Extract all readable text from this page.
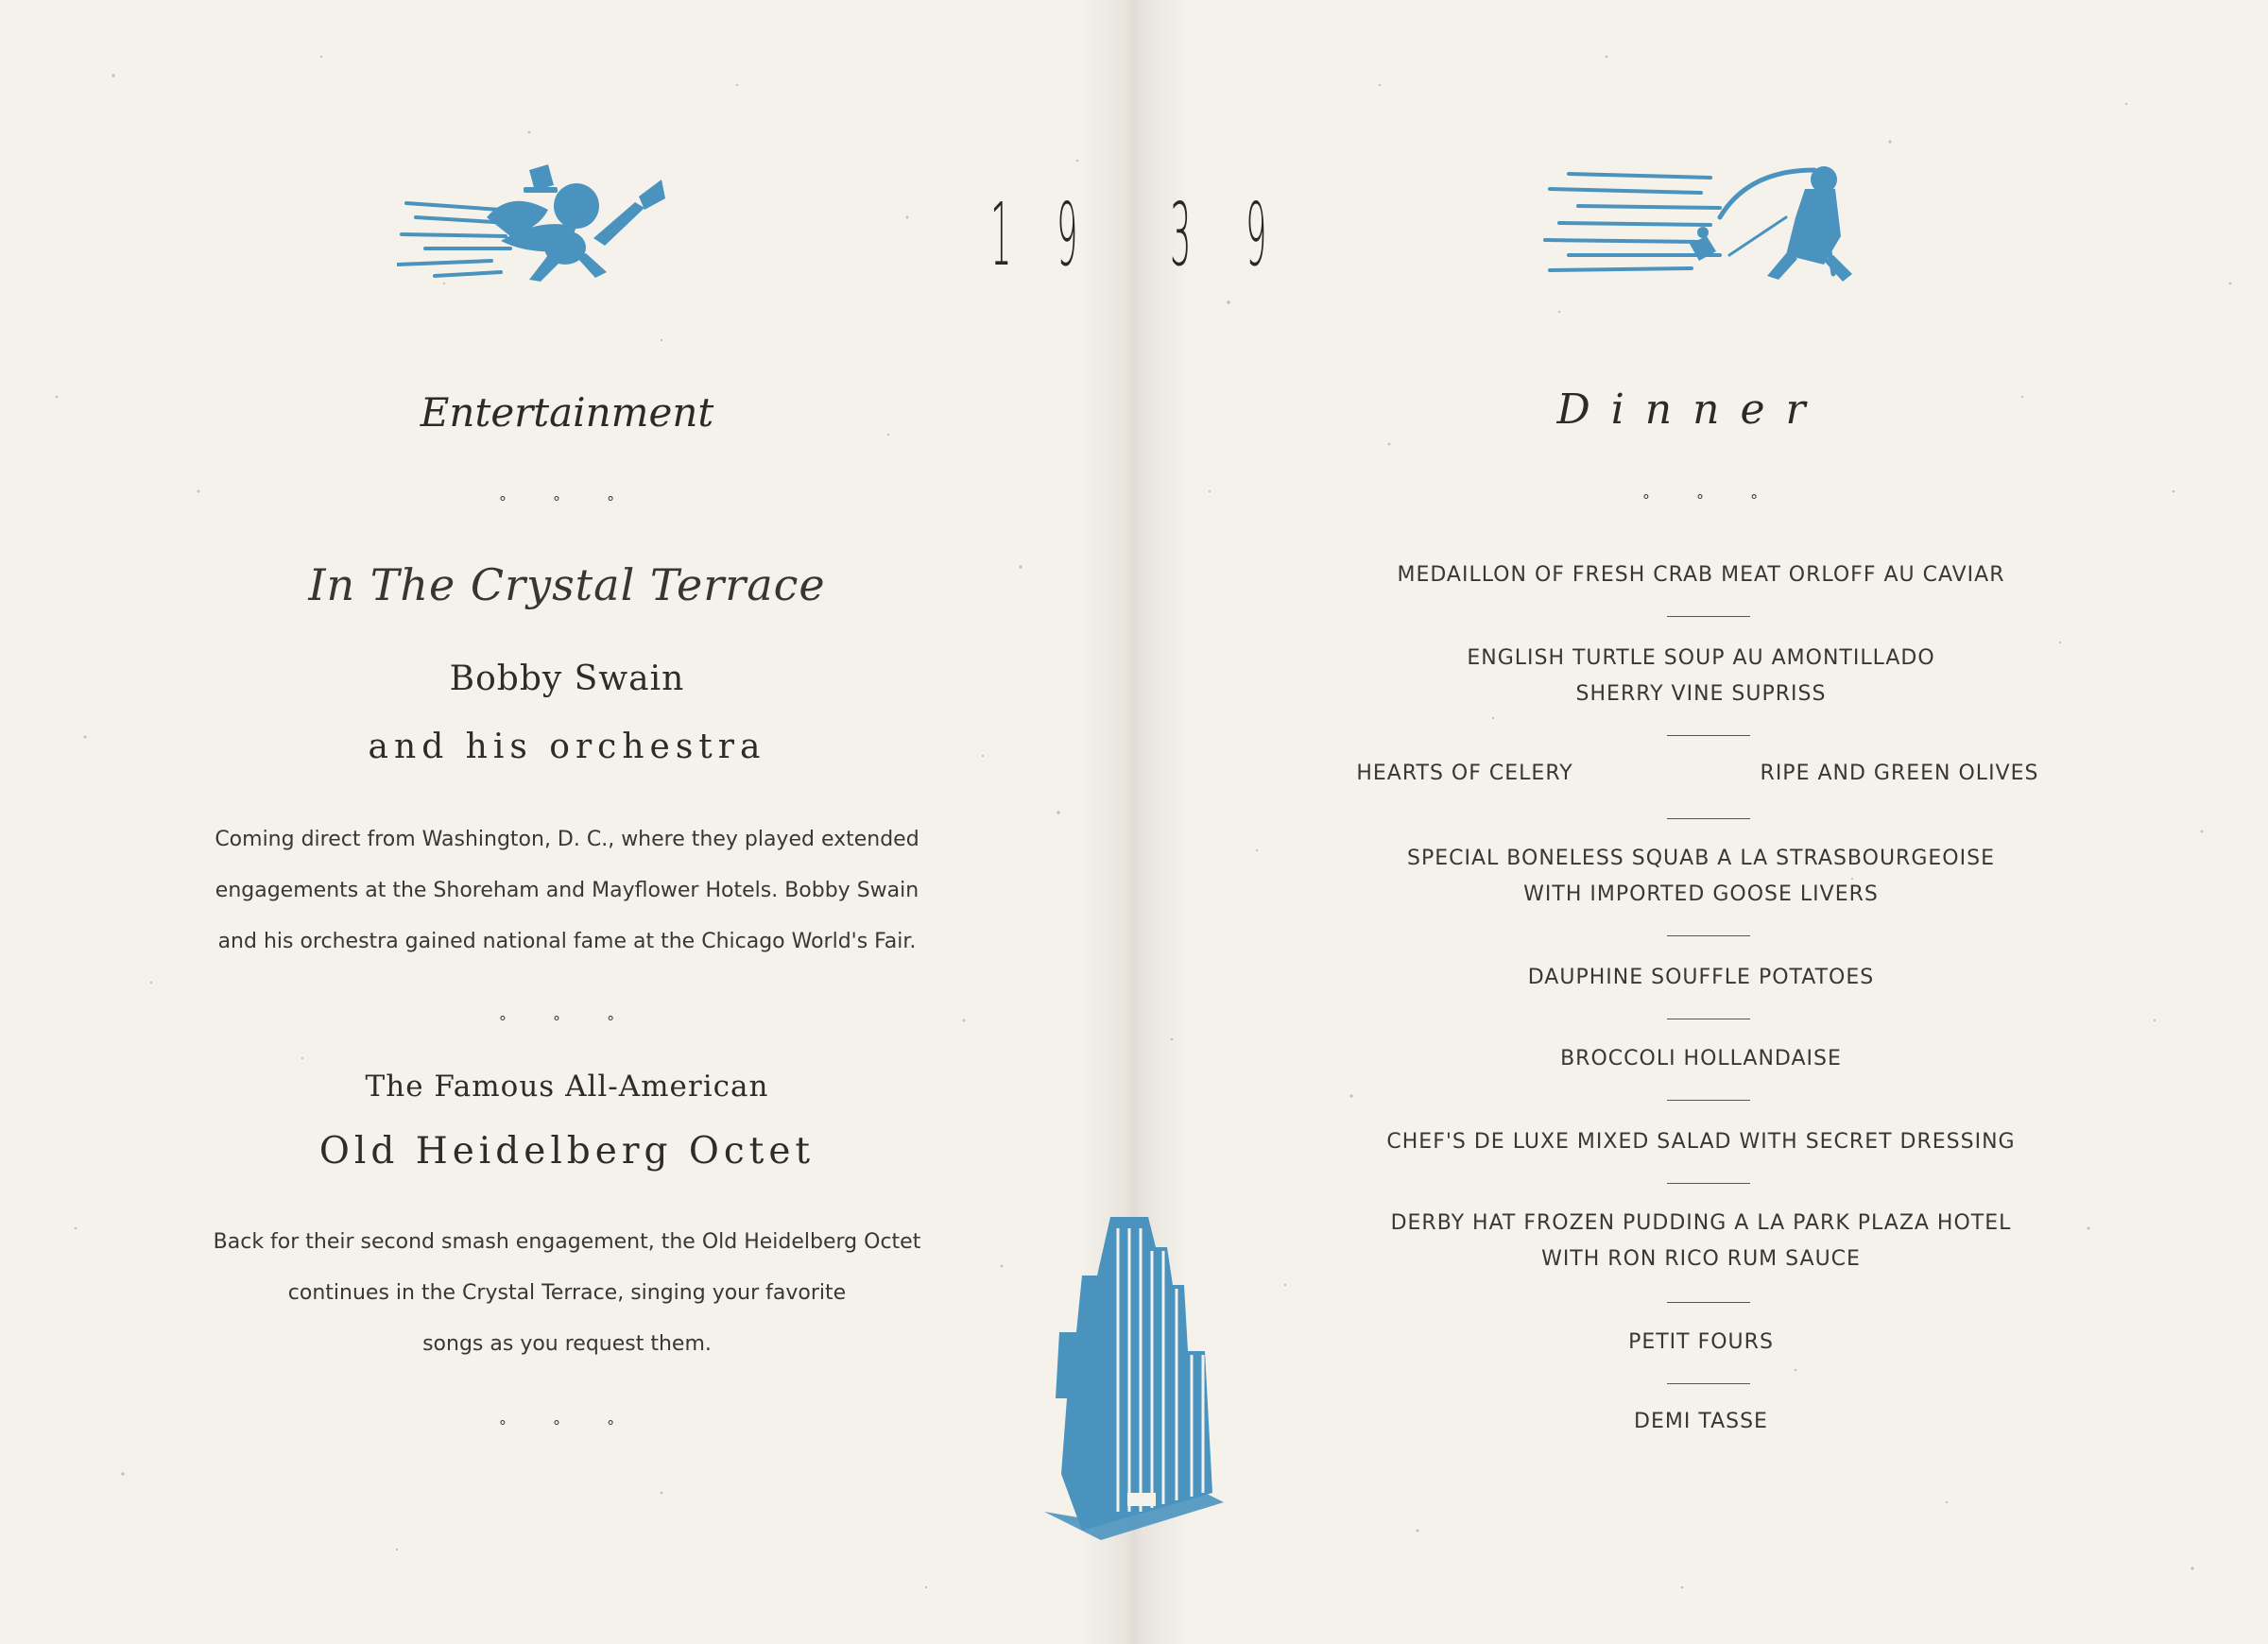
1 9 3 9
Entertainment
° ° °
In The Crystal Terrace
Bobby Swain
and his orchestra
Coming direct from Washington, D. C., where they played extended
engagements at the Shoreham and Mayflower Hotels. Bobby Swain
and his orchestra gained national fame at the Chicago World's Fair.
° ° °
The Famous All-American
Old Heidelberg Octet
Back for their second smash engagement, the Old Heidelberg Octet
continues in the Crystal Terrace, singing your favorite
songs as you request them.
° ° °
Dinner
° ° °
MEDAILLON OF FRESH CRAB MEAT ORLOFF AU CAVIAR
ENGLISH TURTLE SOUP AU AMONTILLADO
SHERRY VINE SUPRISS
HEARTS OF CELERY	RIPE AND GREEN OLIVES
SPECIAL BONELESS SQUAB A LA STRASBOURGEOISE
WITH IMPORTED GOOSE LIVERS
DAUPHINE SOUFFLE POTATOES
BROCCOLI HOLLANDAISE
CHEF'S DE LUXE MIXED SALAD WITH SECRET DRESSING
DERBY HAT FROZEN PUDDING A LA PARK PLAZA HOTEL
WITH RON RICO RUM SAUCE
PETIT FOURS
DEMI TASSE
